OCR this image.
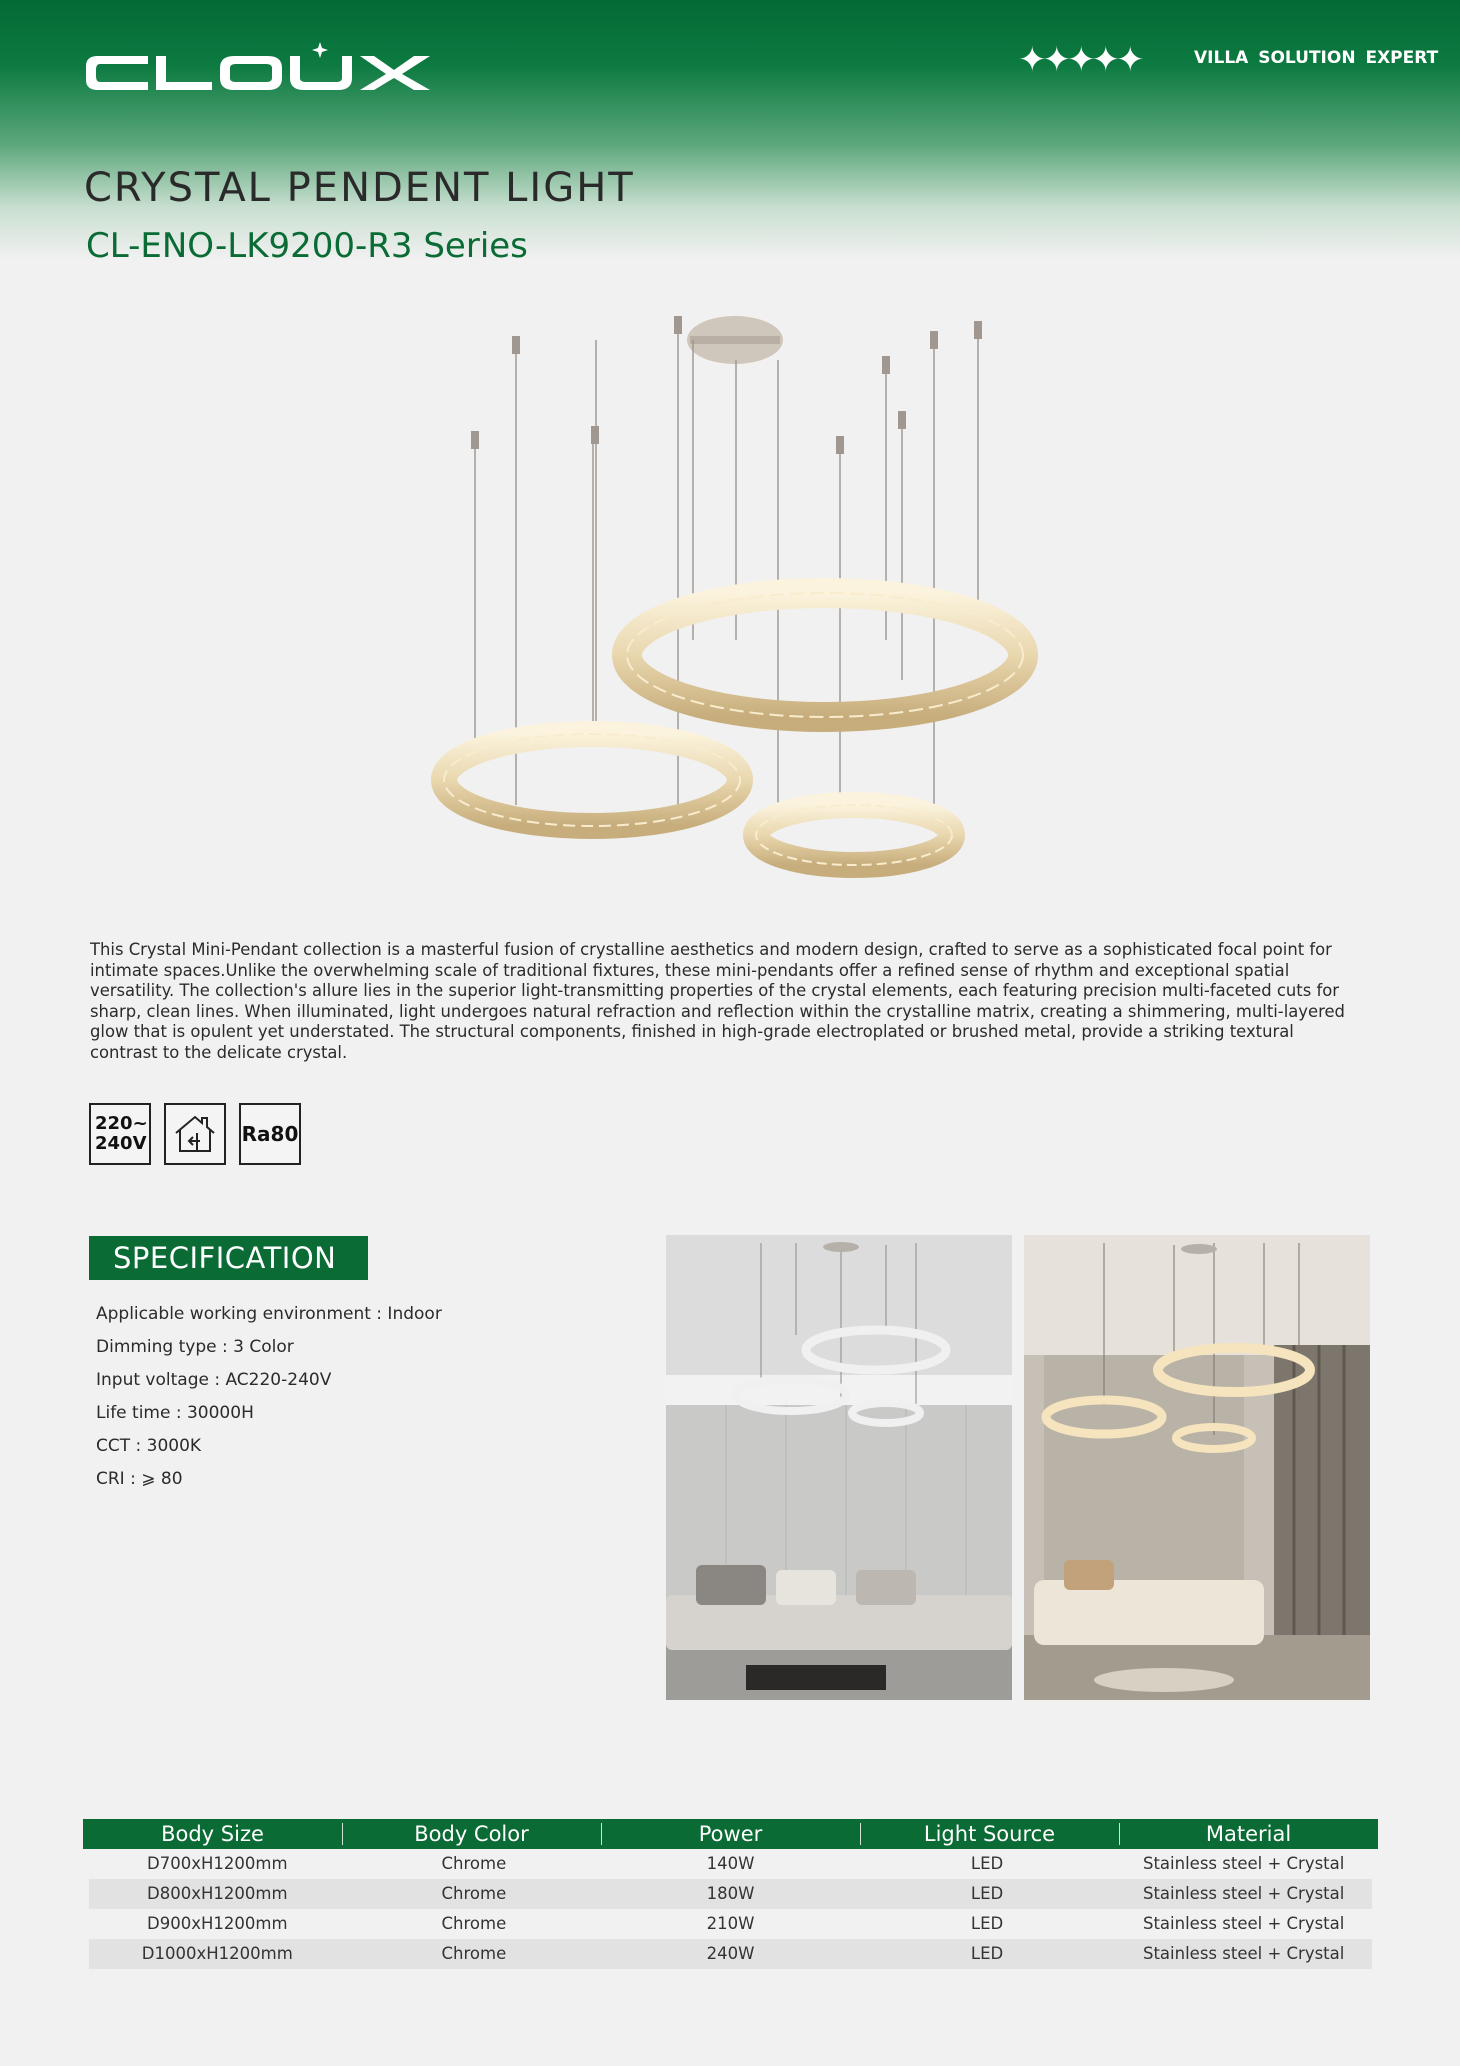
✦✦✦✦✦	VILLA SOLUTION EXPERT
CRYSTAL PENDENT LIGHT
CL-ENO-LK9200-R3 Series

This Crystal Mini-Pendant collection is a masterful fusion of crystalline aesthetics and modern design, crafted to serve as a sophisticated focal point for intimate spaces.Unlike the overwhelming scale of traditional fixtures, these mini-pendants offer a refined sense of rhythm and exceptional spatial versatility. The collection's allure lies in the superior light-transmitting properties of the crystal elements, each featuring precision multi-faceted cuts for sharp, clean lines. When illuminated, light undergoes natural refraction and reflection within the crystalline matrix, creating a shimmering, multi-layered glow that is opulent yet understated. The structural components, finished in high-grade electroplated or brushed metal, provide a striking textural contrast to the delicate crystal.

220~
240V	Ra80
SPECIFICATION
Applicable working environment : Indoor
Dimming type : 3 Color
Input voltage : AC220-240V
Life time : 30000H
CCT : 3000K
CRI : ⩾ 80
Body Size	Body Color	Power	Light Source	Material
D700xH1200mm	Chrome	140W	LED	Stainless steel + Crystal
D800xH1200mm	Chrome	180W	LED	Stainless steel + Crystal
D900xH1200mm	Chrome	210W	LED	Stainless steel + Crystal
D1000xH1200mm	Chrome	240W	LED	Stainless steel + Crystal
